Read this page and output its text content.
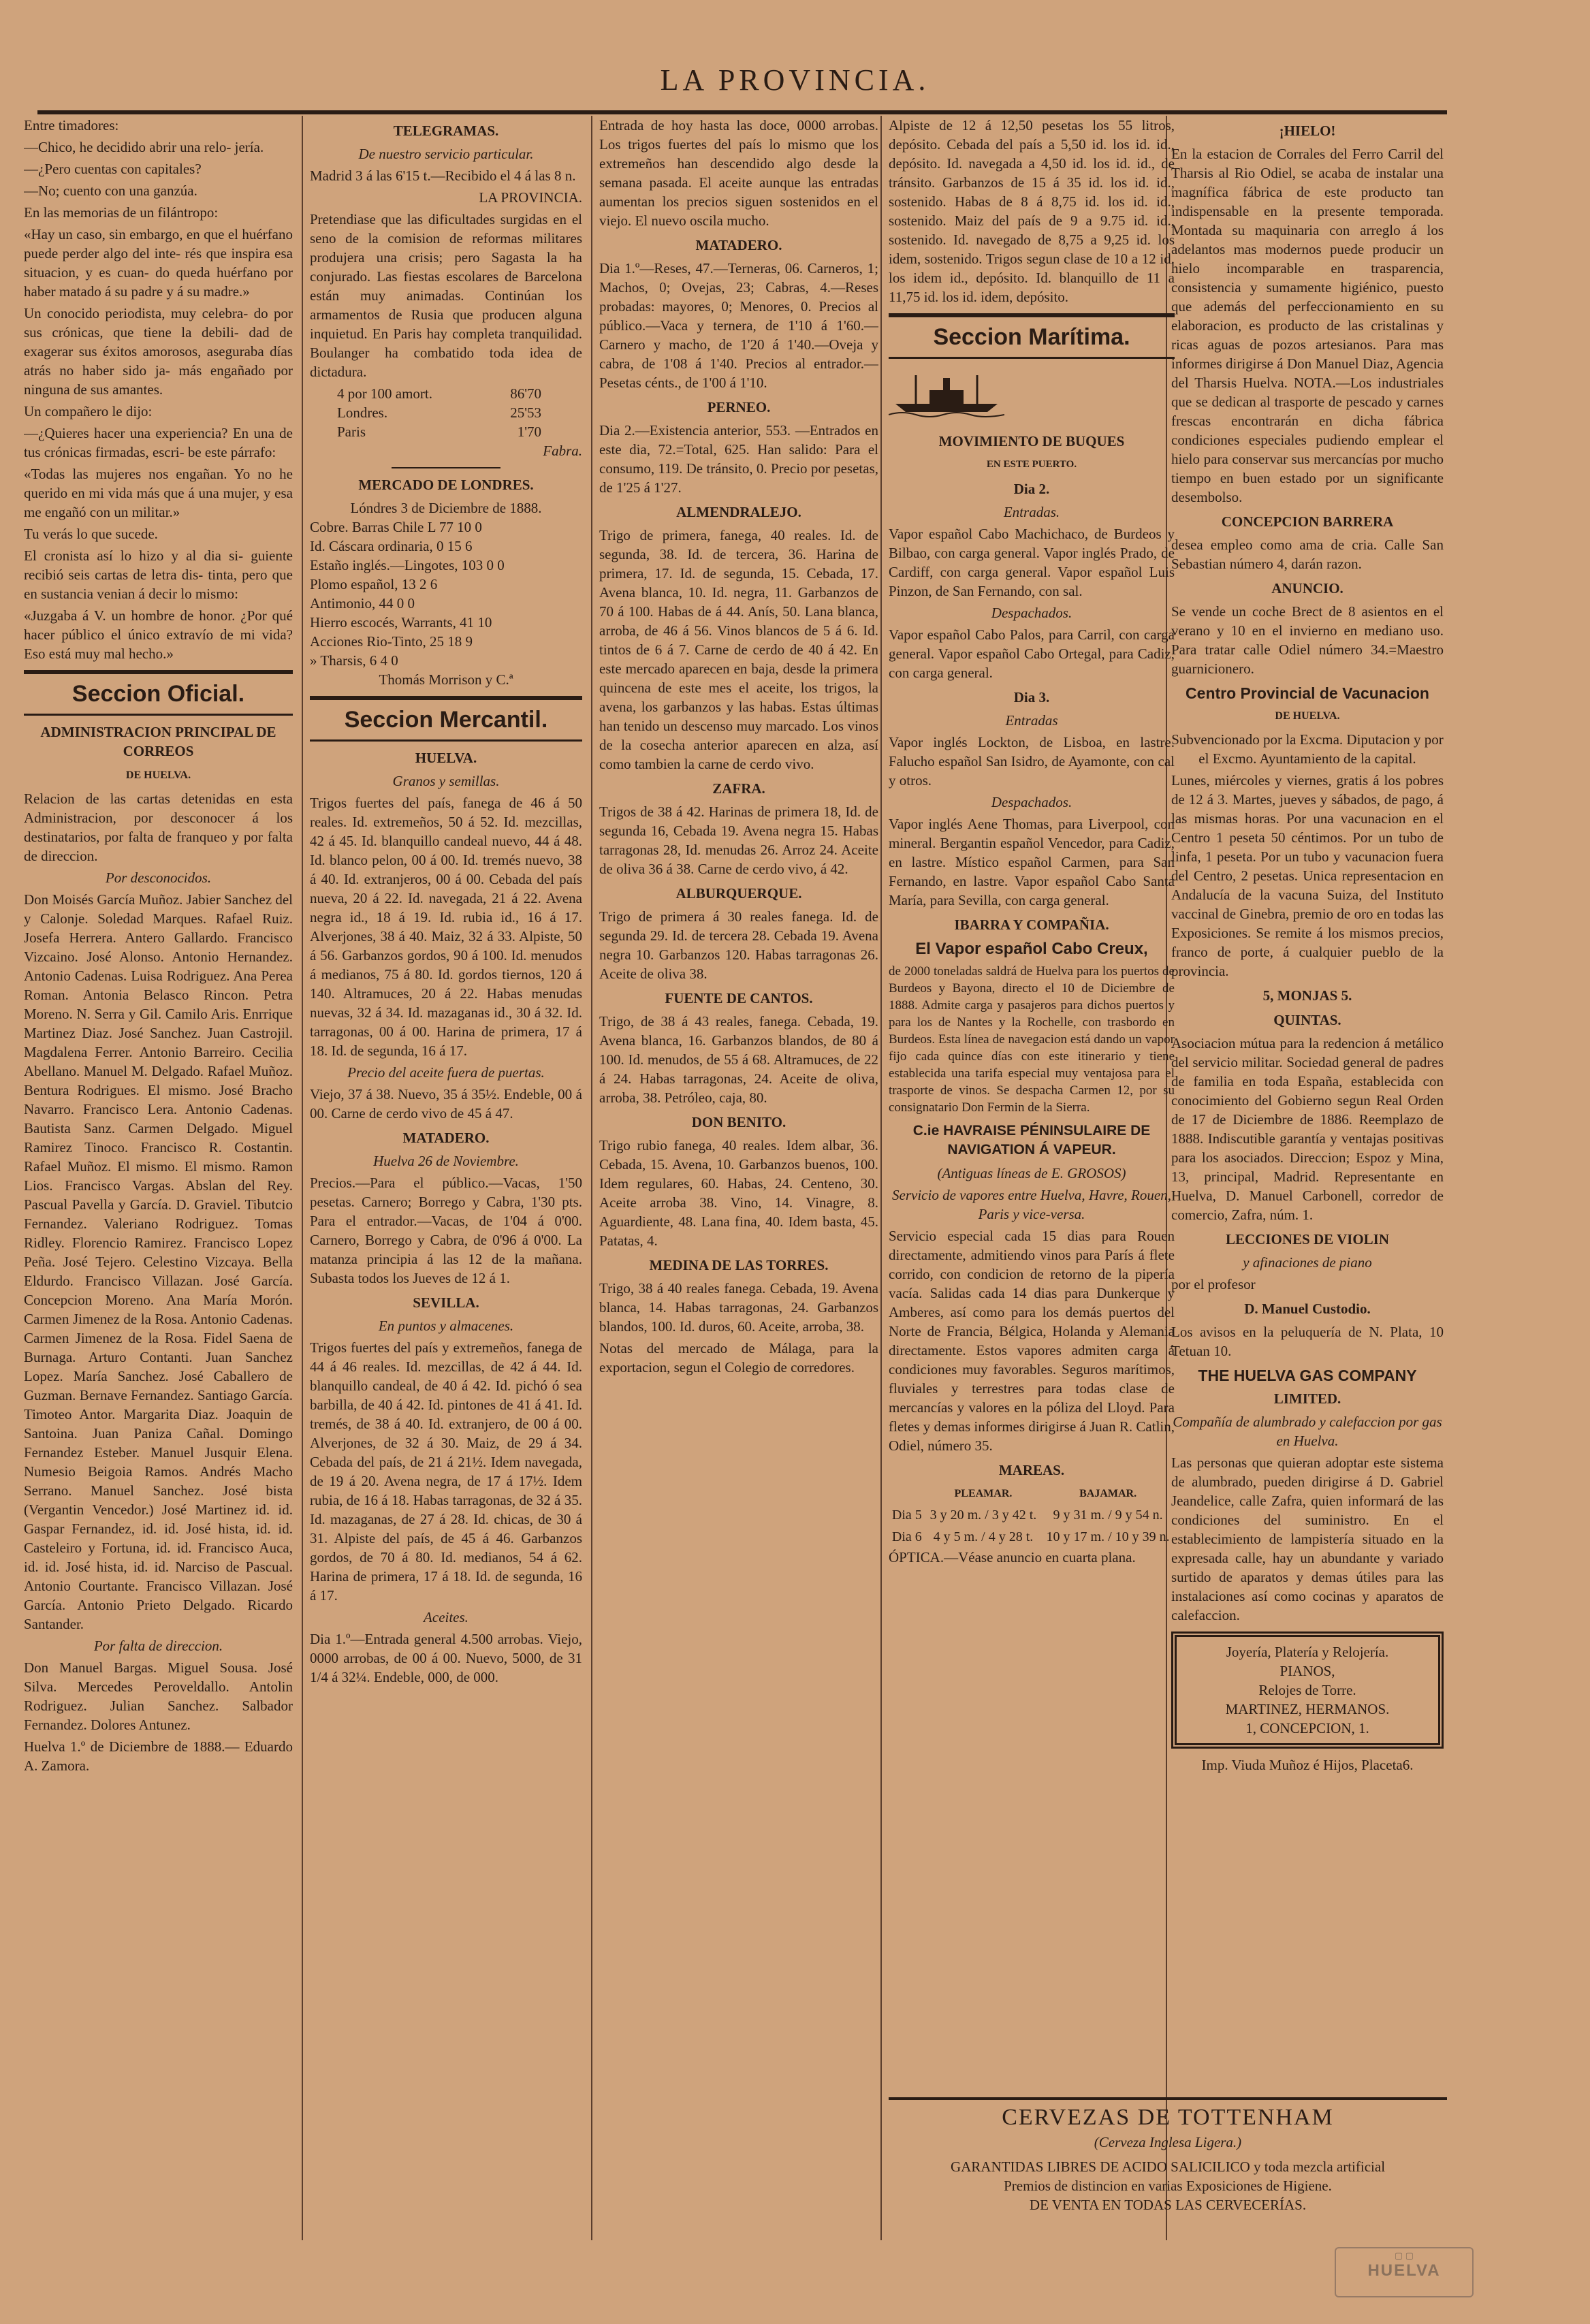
LA PROVINCIA.

Entre timadores:

—Chico, he decidido abrir una relo- jería.

—¿Pero cuentas con capitales?

—No; cuento con una ganzúa.

En las memorias de un filántropo:

«Hay un caso, sin embargo, en que el huérfano puede perder algo del inte- rés que inspira esa situacion, y es cuan- do queda huérfano por haber matado á su padre y á su madre.»

Un conocido periodista, muy celebra- do por sus crónicas, que tiene la debili- dad de exagerar sus éxitos amorosos, aseguraba días atrás no haber sido ja- más engañado por ninguna de sus amantes.

Un compañero le dijo:

—¿Quieres hacer una experiencia? En una de tus crónicas firmadas, escri- be este párrafo:

«Todas las mujeres nos engañan. Yo no he querido en mi vida más que á una mujer, y esa me engañó con un militar.»

Tu verás lo que sucede.

El cronista así lo hizo y al dia si- guiente recibió seis cartas de letra dis- tinta, pero que en sustancia venian á decir lo mismo:

«Juzgaba á V. un hombre de honor. ¿Por qué hacer público el único extravío de mi vida? Eso está muy mal hecho.»

Seccion Oficial.
ADMINISTRACION PRINCIPAL DE CORREOS
DE HUELVA.

Relacion de las cartas detenidas en esta Administracion, por desconocer á los destinatarios, por falta de franqueo y por falta de direccion.

Por desconocidos.

Don Moisés García Muñoz. Jabier Sanchez del y Calonje. Soledad Marques. Rafael Ruiz. Josefa Herrera. Antero Gallardo. Francisco Vizcaino. José Alonso. Antonio Hernandez. Antonio Cadenas. Luisa Rodriguez. Ana Perea Roman. Antonia Belasco Rincon. Petra Moreno. N. Serra y Gil. Camilo Aris. Enrrique Martinez Diaz. José Sanchez. Juan Castrojil. Magdalena Ferrer. Antonio Barreiro. Cecilia Abellano. Manuel M. Delgado. Rafael Muñoz. Bentura Rodrigues. El mismo. José Bracho Navarro. Francisco Lera. Antonio Cadenas. Bautista Sanz. Carmen Delgado. Miguel Ramirez Tinoco. Francisco R. Costantin. Rafael Muñoz. El mismo. El mismo. Ramon Lios. Francisco Vargas. Abslan del Rey. Pascual Pavella y García. D. Graviel. Tibutcio Fernandez. Valeriano Rodriguez. Tomas Ridley. Florencio Ramirez. Francisco Lopez Peña. José Tejero. Celestino Vizcaya. Bella Eldurdo. Francisco Villazan. José García. Concepcion Moreno. Ana María Morón. Carmen Jimenez de la Rosa. Antonio Cadenas. Carmen Jimenez de la Rosa. Fidel Saena de Burnaga. Arturo Contanti. Juan Sanchez Lopez. María Sanchez. José Caballero de Guzman. Bernave Fernandez. Santiago García. Timoteo Antor. Margarita Diaz. Joaquin de Santoina. Juan Paniza Cañal. Domingo Fernandez Esteber. Manuel Jusquir Elena. Numesio Beigoia Ramos. Andrés Macho Serrano. Manuel Sanchez. José bista (Vergantin Vencedor.) José Martinez id. id. Gaspar Fernandez, id. id. José hista, id. id. Casteleiro y Fortuna, id. id. Francisco Auca, id. id. José hista, id. id. Narciso de Pascual. Antonio Courtante. Francisco Villazan. José García. Antonio Prieto Delgado. Ricardo Santander.

Por falta de direccion.

Don Manuel Bargas. Miguel Sousa. José Silva. Mercedes Peroveldallo. Antolin Rodriguez. Julian Sanchez. Salbador Fernandez. Dolores Antunez.

Huelva 1.º de Diciembre de 1888.— Eduardo A. Zamora.

TELEGRAMAS.
De nuestro servicio particular.

Madrid 3 á las 6'15 t.—Recibido el 4 á las 8 n.

LA PROVINCIA.

Pretendiase que las dificultades surgidas en el seno de la comision de reformas militares produjera una crisis; pero Sagasta la ha conjurado. Las fiestas escolares de Barcelona están muy animadas. Continúan los armamentos de Rusia que producen alguna inquietud. En Paris hay completa tranquilidad. Boulanger ha combatido toda idea de dictadura.

4 por 100 amort.	86'70
Londres.	25'53
Paris	1'70

Fabra.

MERCADO DE LONDRES.
Lóndres 3 de Diciembre de 1888.
Cobre. Barras Chile L 77 10 0
Id. Cáscara ordinaria, 0 15 6
Estaño inglés.—Lingotes, 103 0 0
Plomo español, 13 2 6
Antimonio, 44 0 0
Hierro escocés, Warrants, 41 10
Acciones Rio-Tinto, 25 18 9
» Tharsis, 6 4 0
Thomás Morrison y C.ª
Seccion Mercantil.
HUELVA.
Granos y semillas.

Trigos fuertes del país, fanega de 46 á 50 reales. Id. extremeños, 50 á 52. Id. mezcillas, 42 á 45. Id. blanquillo candeal nuevo, 44 á 48. Id. blanco pelon, 00 á 00. Id. tremés nuevo, 38 á 40. Id. extranjeros, 00 á 00. Cebada del país nueva, 20 á 22. Id. navegada, 21 á 22. Avena negra id., 18 á 19. Id. rubia id., 16 á 17. Alverjones, 38 á 40. Maiz, 32 á 33. Alpiste, 50 á 56. Garbanzos gordos, 90 á 100. Id. menudos á medianos, 75 á 80. Id. gordos tiernos, 120 á 140. Altramuces, 20 á 22. Habas menudas nuevas, 32 á 34. Id. mazaganas id., 30 á 32. Id. tarragonas, 00 á 00. Harina de primera, 17 á 18. Id. de segunda, 16 á 17.

Precio del aceite fuera de puertas.

Viejo, 37 á 38. Nuevo, 35 á 35½. Endeble, 00 á 00. Carne de cerdo vivo de 45 á 47.

MATADERO.
Huelva 26 de Noviembre.

Precios.—Para el público.—Vacas, 1'50 pesetas. Carnero; Borrego y Cabra, 1'30 pts. Para el entrador.—Vacas, de 1'04 á 0'00. Carnero, Borrego y Cabra, de 0'96 á 0'00. La matanza principia á las 12 de la mañana. Subasta todos los Jueves de 12 á 1.

SEVILLA.
En puntos y almacenes.

Trigos fuertes del país y extremeños, fanega de 44 á 46 reales. Id. mezcillas, de 42 á 44. Id. blanquillo candeal, de 40 á 42. Id. pichó ó sea barbilla, de 40 á 42. Id. pintones de 41 á 41. Id. tremés, de 38 á 40. Id. extranjero, de 00 á 00. Alverjones, de 32 á 30. Maiz, de 29 á 34. Cebada del país, de 21 á 21½. Idem navegada, de 19 á 20. Avena negra, de 17 á 17½. Idem rubia, de 16 á 18. Habas tarragonas, de 32 á 35. Id. mazaganas, de 27 á 28. Id. chicas, de 30 á 31. Alpiste del país, de 45 á 46. Garbanzos gordos, de 70 á 80. Id. medianos, 54 á 62. Harina de primera, 17 á 18. Id. de segunda, 16 á 17.

Aceites.

Dia 1.º—Entrada general 4.500 arrobas. Viejo, 0000 arrobas, de 00 á 00. Nuevo, 5000, de 31 1/4 á 32¼. Endeble, 000, de 000.

Entrada de hoy hasta las doce, 0000 arrobas. Los trigos fuertes del país lo mismo que los extremeños han descendido algo desde la semana pasada. El aceite aunque las entradas aumentan los precios siguen sostenidos en el viejo. El nuevo oscila mucho.

MATADERO.

Dia 1.º—Reses, 47.—Terneras, 06. Carneros, 1; Machos, 0; Ovejas, 23; Cabras, 4.—Reses probadas: mayores, 0; Menores, 0. Precios al público.—Vaca y ternera, de 1'10 á 1'60.—Carnero y macho, de 1'20 á 1'40.—Oveja y cabra, de 1'08 á 1'40. Precios al entrador.—Pesetas cénts., de 1'00 á 1'10.

PERNEO.

Dia 2.—Existencia anterior, 553. —Entrados en este dia, 72.=Total, 625. Han salido: Para el consumo, 119. De tránsito, 0. Precio por pesetas, de 1'25 á 1'27.

ALMENDRALEJO.

Trigo de primera, fanega, 40 reales. Id. de segunda, 38. Id. de tercera, 36. Harina de primera, 17. Id. de segunda, 15. Cebada, 17. Avena blanca, 10. Id. negra, 11. Garbanzos de 70 á 100. Habas de á 44. Anís, 50. Lana blanca, arroba, de 46 á 56. Vinos blancos de 5 á 6. Id. tintos de 6 á 7. Carne de cerdo de 40 á 42. En este mercado aparecen en baja, desde la primera quincena de este mes el aceite, los trigos, la avena, los garbanzos y las habas. Estas últimas han tenido un descenso muy marcado. Los vinos de la cosecha anterior aparecen en alza, así como tambien la carne de cerdo vivo.

ZAFRA.

Trigos de 38 á 42. Harinas de primera 18, Id. de segunda 16, Cebada 19. Avena negra 15. Habas tarragonas 28, Id. menudas 26. Arroz 24. Aceite de oliva 36 á 38. Carne de cerdo vivo, á 42.

ALBURQUERQUE.

Trigo de primera á 30 reales fanega. Id. de segunda 29. Id. de tercera 28. Cebada 19. Avena negra 10. Garbanzos 120. Habas tarragonas 26. Aceite de oliva 38.

FUENTE DE CANTOS.

Trigo, de 38 á 43 reales, fanega. Cebada, 19. Avena blanca, 16. Garbanzos blandos, de 80 á 100. Id. menudos, de 55 á 68. Altramuces, de 22 á 24. Habas tarragonas, 24. Aceite de oliva, arroba, 38. Petróleo, caja, 80.

DON BENITO.

Trigo rubio fanega, 40 reales. Idem albar, 36. Cebada, 15. Avena, 10. Garbanzos buenos, 100. Idem regulares, 60. Habas, 24. Centeno, 30. Aceite arroba 38. Vino, 14. Vinagre, 8. Aguardiente, 48. Lana fina, 40. Idem basta, 45. Patatas, 4.

MEDINA DE LAS TORRES.

Trigo, 38 á 40 reales fanega. Cebada, 19. Avena blanca, 14. Habas tarragonas, 24. Garbanzos blandos, 100. Id. duros, 60. Aceite, arroba, 38.

Notas del mercado de Málaga, para la exportacion, segun el Colegio de corredores.

Alpiste de 12 á 12,50 pesetas los 55 litros, depósito. Cebada del país a 5,50 id. los id. id., depósito. Id. navegada a 4,50 id. los id. id., de tránsito. Garbanzos de 15 á 35 id. los id. id., sostenido. Habas de 8 á 8,75 id. los id. id., sostenido. Maiz del país de 9 a 9.75 id. id., sostenido. Id. navegado de 8,75 a 9,25 id. los idem, sostenido. Trigos segun clase de 10 a 12 id. los idem id., depósito. Id. blanquillo de 11 a 11,75 id. los id. idem, depósito.

Seccion Marítima.
MOVIMIENTO DE BUQUES
EN ESTE PUERTO.
Dia 2.
Entradas.

Vapor español Cabo Machichaco, de Burdeos y Bilbao, con carga general. Vapor inglés Prado, de Cardiff, con carga general. Vapor español Luis Pinzon, de San Fernando, con sal.

Despachados.

Vapor español Cabo Palos, para Carril, con carga general. Vapor español Cabo Ortegal, para Cadiz, con carga general.

Dia 3.
Entradas

Vapor inglés Lockton, de Lisboa, en lastre. Falucho español San Isidro, de Ayamonte, con cal y otros.

Despachados.

Vapor inglés Aene Thomas, para Liverpool, con mineral. Bergantin español Vencedor, para Cadiz, en lastre. Místico español Carmen, para San Fernando, en lastre. Vapor español Cabo Santa María, para Sevilla, con carga general.

IBARRA Y COMPAÑIA.
El Vapor español Cabo Creux,

de 2000 toneladas saldrá de Huelva para los puertos de Burdeos y Bayona, directo el 10 de Diciembre de 1888. Admite carga y pasajeros para dichos puertos y para los de Nantes y la Rochelle, con trasbordo en Burdeos. Esta línea de navegacion está dando un vapor fijo cada quince días con este itinerario y tiene establecida una tarifa especial muy ventajosa para el trasporte de vinos. Se despacha Carmen 12, por su consignatario Don Fermin de la Sierra.

C.ie HAVRAISE PÉNINSULAIRE DE NAVIGATION Á VAPEUR.
(Antiguas líneas de E. GROSOS)
Servicio de vapores entre Huelva, Havre, Rouen, Paris y vice-versa.

Servicio especial cada 15 dias para Rouen directamente, admitiendo vinos para París á flete corrido, con condicion de retorno de la pipería vacía. Salidas cada 14 dias para Dunkerque y Amberes, así como para los demás puertos del Norte de Francia, Bélgica, Holanda y Alemania directamente. Estos vapores admiten carga á condiciones muy favorables. Seguros marítimos, fluviales y terrestres para todas clase de mercancías y valores en la póliza del Lloyd. Para fletes y demas informes dirigirse á Juan R. Catlin, Odiel, número 35.

MAREAS.
	PLEAMAR.	BAJAMAR.
Dia 5	3 y 20 m. / 3 y 42 t.	9 y 31 m. / 9 y 54 n.
Dia 6	4 y 5 m. / 4 y 28 t.	10 y 17 m. / 10 y 39 n.

ÓPTICA.—Véase anuncio en cuarta plana.

¡HIELO!

En la estacion de Corrales del Ferro Carril del Tharsis al Rio Odiel, se acaba de instalar una magnífica fábrica de este producto tan indispensable en la presente temporada. Montada su maquinaria con arreglo á los adelantos mas modernos puede producir un hielo incomparable en trasparencia, consistencia y sumamente higiénico, puesto que además del perfeccionamiento en su elaboracion, es producto de las cristalinas y ricas aguas de pozos artesianos. Para mas informes dirigirse á Don Manuel Diaz, Agencia del Tharsis Huelva. NOTA.—Los industriales que se dedican al trasporte de pescado y carnes frescas encontrarán en dicha fábrica condiciones especiales pudiendo emplear el hielo para conservar sus mercancías por mucho tiempo en buen estado por un significante desembolso.

CONCEPCION BARRERA

desea empleo como ama de cria. Calle San Sebastian número 4, darán razon.

ANUNCIO.

Se vende un coche Brect de 8 asientos en el verano y 10 en el invierno en mediano uso. Para tratar calle Odiel número 34.=Maestro guarnicionero.

Centro Provincial de Vacunacion
DE HUELVA.

Subvencionado por la Excma. Diputacion y por el Excmo. Ayuntamiento de la capital.

Lunes, miércoles y viernes, gratis á los pobres de 12 á 3. Martes, jueves y sábados, de pago, á las mismas horas. Por una vacunacion en el Centro 1 peseta 50 céntimos. Por un tubo de linfa, 1 peseta. Por un tubo y vacunacion fuera del Centro, 2 pesetas. Unica representacion en Andalucía de la vacuna Suiza, del Instituto vaccinal de Ginebra, premio de oro en todas las Exposiciones. Se remite á los mismos precios, franco de porte, á cualquier pueblo de la provincia.

5, MONJAS 5.
QUINTAS.

Asociacion mútua para la redencion á metálico del servicio militar. Sociedad general de padres de familia en toda España, establecida con conocimiento del Gobierno segun Real Orden de 17 de Diciembre de 1886. Reemplazo de 1888. Indiscutible garantía y ventajas positivas para los asociados. Direccion; Espoz y Mina, 13, principal, Madrid. Representante en Huelva, D. Manuel Carbonell, corredor de comercio, Zafra, núm. 1.

LECCIONES DE VIOLIN
y afinaciones de piano

por el profesor

D. Manuel Custodio.

Los avisos en la peluquería de N. Plata, 10 Tetuan 10.

THE HUELVA GAS COMPANY
LIMITED.
Compañía de alumbrado y calefaccion por gas en Huelva.

Las personas que quieran adoptar este sistema de alumbrado, pueden dirigirse á D. Gabriel Jeandelice, calle Zafra, quien informará de las condiciones del suministro. En el establecimiento de lampistería situado en la expresada calle, hay un abundante y variado surtido de aparatos y demas útiles para las instalaciones así como cocinas y aparatos de calefaccion.

Joyería, Platería y Relojería.
PIANOS,
Relojes de Torre.
MARTINEZ, HERMANOS.
1, CONCEPCION, 1.

Imp. Viuda Muñoz é Hijos, Placeta6.

CERVEZAS DE TOTTENHAM
(Cerveza Inglesa Ligera.)
GARANTIDAS LIBRES DE ACIDO SALICILICO y toda mezcla artificial
Premios de distincion en varias Exposiciones de Higiene.
DE VENTA EN TODAS LAS CERVECERÍAS.
▢ ▢
HUELVA
